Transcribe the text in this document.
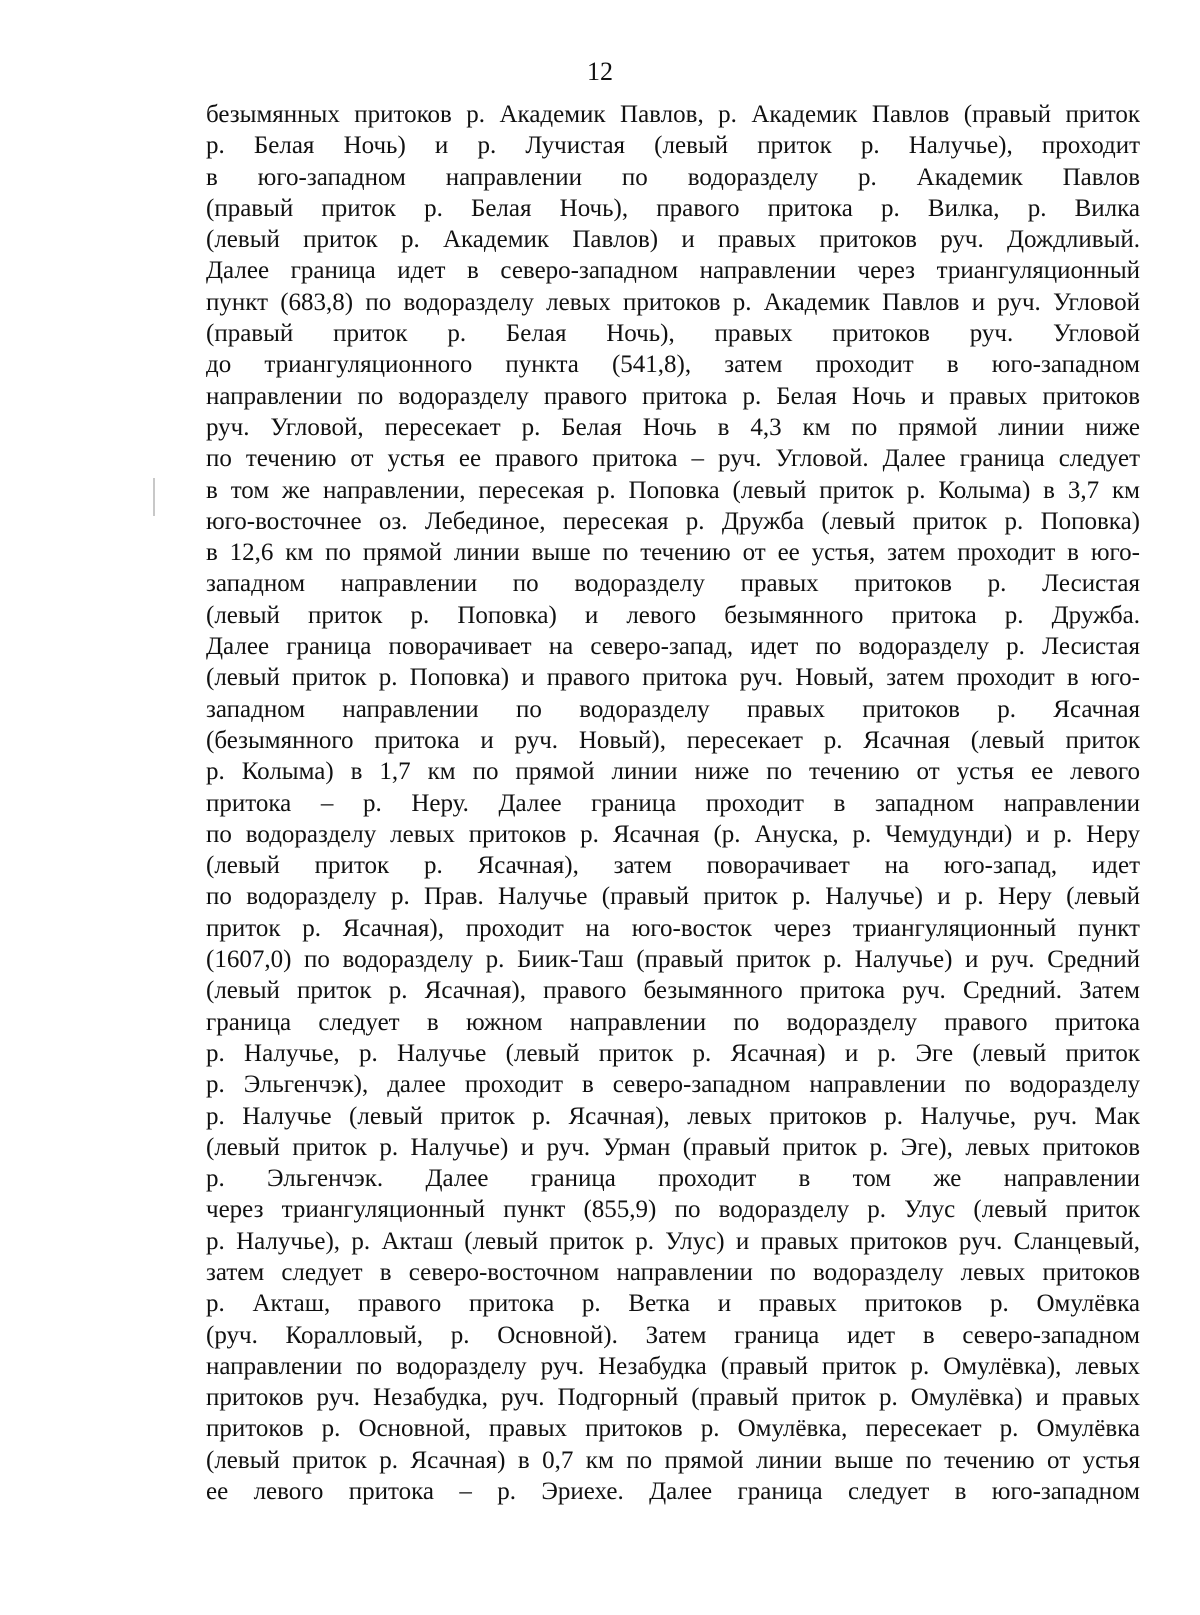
12
безымянных притоков р. Академик Павлов, р. Академик Павлов (правый приток
р. Белая Ночь) и р. Лучистая (левый приток р. Налучье), проходит
в юго-западном направлении по водоразделу р. Академик Павлов
(правый приток р. Белая Ночь), правого притока р. Вилка, р. Вилка
(левый приток р. Академик Павлов) и правых притоков руч. Дождливый.
Далее граница идет в северо-западном направлении через триангуляционный
пункт (683,8) по водоразделу левых притоков р. Академик Павлов и руч. Угловой
(правый приток р. Белая Ночь), правых притоков руч. Угловой
до триангуляционного пункта (541,8), затем проходит в юго-западном
направлении по водоразделу правого притока р. Белая Ночь и правых притоков
руч. Угловой, пересекает р. Белая Ночь в 4,3 км по прямой линии ниже
по течению от устья ее правого притока – руч. Угловой. Далее граница следует
в том же направлении, пересекая р. Поповка (левый приток р. Колыма) в 3,7 км
юго-восточнее оз. Лебединое, пересекая р. Дружба (левый приток р. Поповка)
в 12,6 км по прямой линии выше по течению от ее устья, затем проходит в юго-
западном направлении по водоразделу правых притоков р. Лесистая
(левый приток р. Поповка) и левого безымянного притока р. Дружба.
Далее граница поворачивает на северо-запад, идет по водоразделу р. Лесистая
(левый приток р. Поповка) и правого притока руч. Новый, затем проходит в юго-
западном направлении по водоразделу правых притоков р. Ясачная
(безымянного притока и руч. Новый), пересекает р. Ясачная (левый приток
р. Колыма) в 1,7 км по прямой линии ниже по течению от устья ее левого
притока – р. Неру. Далее граница проходит в западном направлении
по водоразделу левых притоков р. Ясачная (р. Ануска, р. Чемудунди) и р. Неру
(левый приток р. Ясачная), затем поворачивает на юго-запад, идет
по водоразделу р. Прав. Налучье (правый приток р. Налучье) и р. Неру (левый
приток р. Ясачная), проходит на юго-восток через триангуляционный пункт
(1607,0) по водоразделу р. Биик-Таш (правый приток р. Налучье) и руч. Средний
(левый приток р. Ясачная), правого безымянного притока руч. Средний. Затем
граница следует в южном направлении по водоразделу правого притока
р. Налучье, р. Налучье (левый приток р. Ясачная) и р. Эге (левый приток
р. Эльгенчэк), далее проходит в северо-западном направлении по водоразделу
р. Налучье (левый приток р. Ясачная), левых притоков р. Налучье, руч. Мак
(левый приток р. Налучье) и руч. Урман (правый приток р. Эге), левых притоков
р. Эльгенчэк. Далее граница проходит в том же направлении
через триангуляционный пункт (855,9) по водоразделу р. Улус (левый приток
р. Налучье), р. Акташ (левый приток р. Улус) и правых притоков руч. Сланцевый,
затем следует в северо-восточном направлении по водоразделу левых притоков
р. Акташ, правого притока р. Ветка и правых притоков р. Омулёвка
(руч. Коралловый, р. Основной). Затем граница идет в северо-западном
направлении по водоразделу руч. Незабудка (правый приток р. Омулёвка), левых
притоков руч. Незабудка, руч. Подгорный (правый приток р. Омулёвка) и правых
притоков р. Основной, правых притоков р. Омулёвка, пересекает р. Омулёвка
(левый приток р. Ясачная) в 0,7 км по прямой линии выше по течению от устья
ее левого притока – р. Эриехе. Далее граница следует в юго-западном
